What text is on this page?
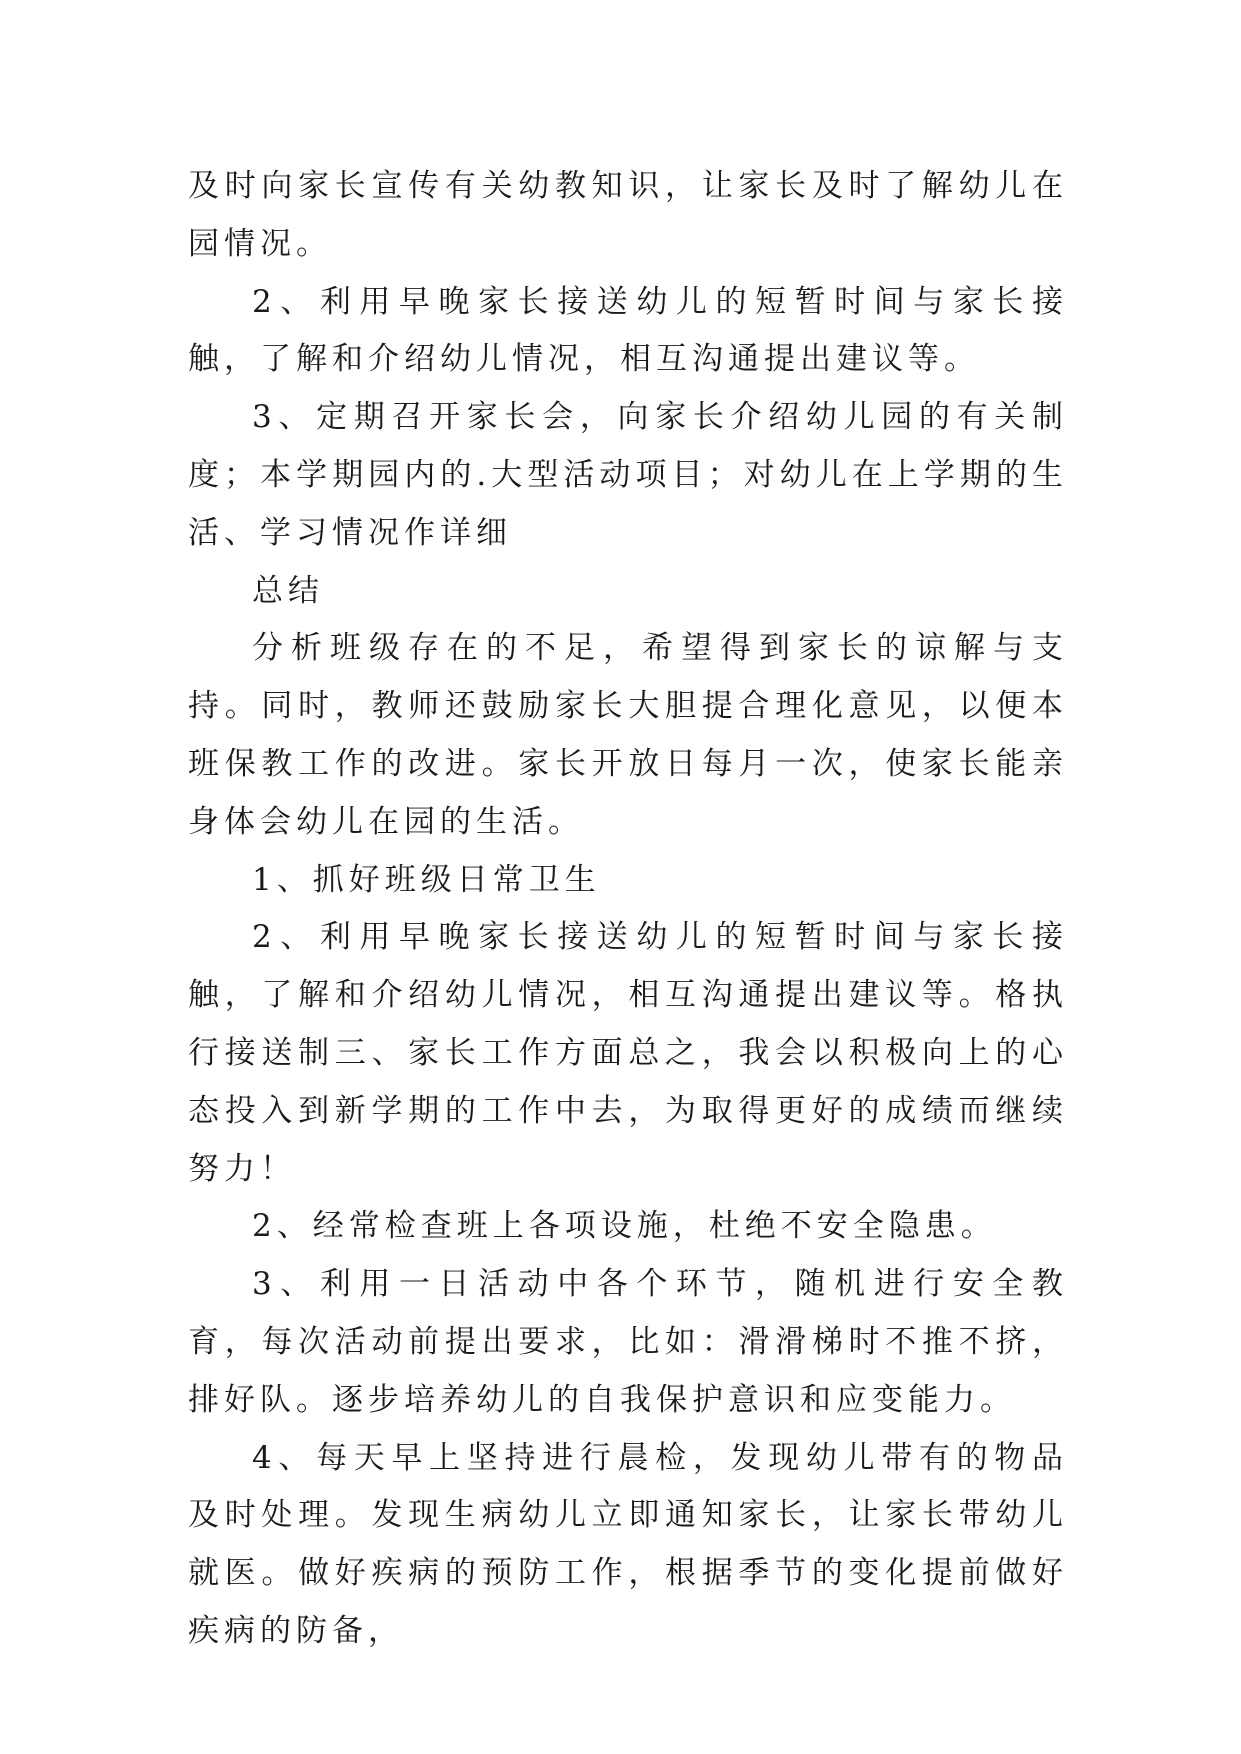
及时向家长宣传有关幼教知识，让家长及时了解幼儿在园情况。

2、利用早晚家长接送幼儿的短暂时间与家长接触，了解和介绍幼儿情况，相互沟通提出建议等。

3、定期召开家长会，向家长介绍幼儿园的有关制度；本学期园内的.大型活动项目；对幼儿在上学期的生活、学习情况作详细

总结

分析班级存在的不足，希望得到家长的谅解与支持。同时，教师还鼓励家长大胆提合理化意见，以便本班保教工作的改进。家长开放日每月一次，使家长能亲身体会幼儿在园的生活。

1、抓好班级日常卫生

2、利用早晚家长接送幼儿的短暂时间与家长接触，了解和介绍幼儿情况，相互沟通提出建议等。格执行接送制三、家长工作方面总之，我会以积极向上的心态投入到新学期的工作中去，为取得更好的成绩而继续努力！

2、经常检查班上各项设施，杜绝不安全隐患。

3、利用一日活动中各个环节，随机进行安全教育，每次活动前提出要求，比如：滑滑梯时不推不挤，排好队。逐步培养幼儿的自我保护意识和应变能力。

4、每天早上坚持进行晨检，发现幼儿带有的物品及时处理。发现生病幼儿立即通知家长，让家长带幼儿就医。做好疾病的预防工作，根据季节的变化提前做好疾病的防备，
